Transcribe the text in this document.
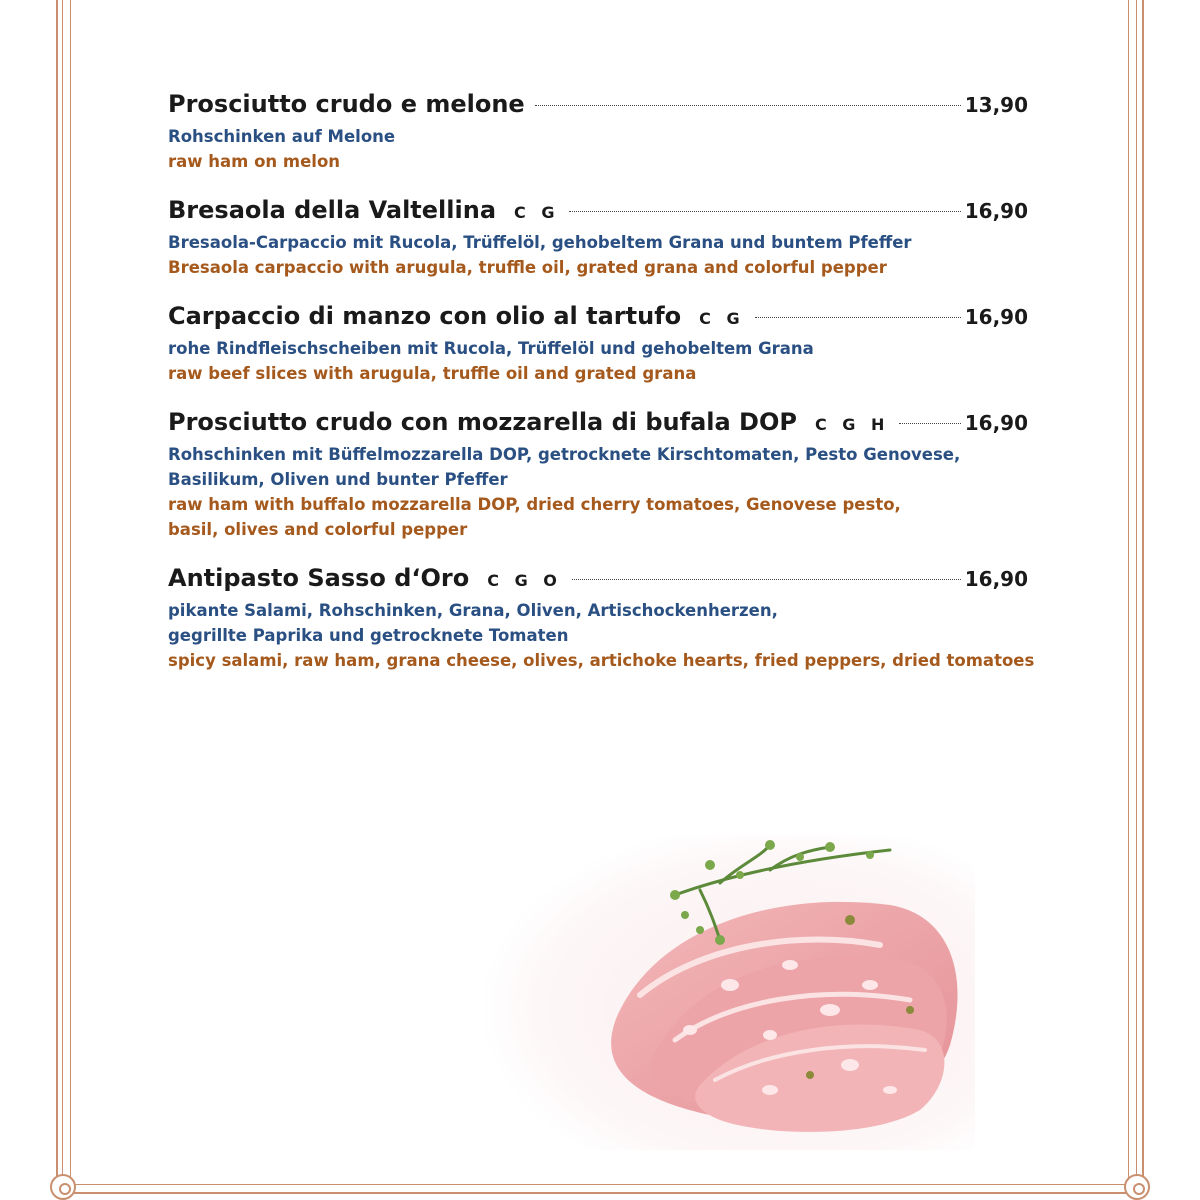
Prosciutto crudo e melone	13,90
Rohschinken auf Melone
raw ham on melon
Bresaola della Valtellina C G	16,90
Bresaola-Carpaccio mit Rucola, Trüffelöl, gehobeltem Grana und buntem Pfeffer
Bresaola carpaccio with arugula, truffle oil, grated grana and colorful pepper
Carpaccio di manzo con olio al tartufo C G	16,90
rohe Rindfleischscheiben mit Rucola, Trüffelöl und gehobeltem Grana
raw beef slices with arugula, truffle oil and grated grana
Prosciutto crudo con mozzarella di bufala DOP C G H	16,90
Rohschinken mit Büffelmozzarella DOP, getrocknete Kirschtomaten, Pesto Genovese,
Basilikum, Oliven und bunter Pfeffer
raw ham with buffalo mozzarella DOP, dried cherry tomatoes, Genovese pesto,
basil, olives and colorful pepper
Antipasto Sasso d‘Oro C G O	16,90
pikante Salami, Rohschinken, Grana, Oliven, Artischockenherzen,
gegrillte Paprika und getrocknete Tomaten
spicy salami, raw ham, grana cheese, olives, artichoke hearts, fried peppers, dried tomatoes
